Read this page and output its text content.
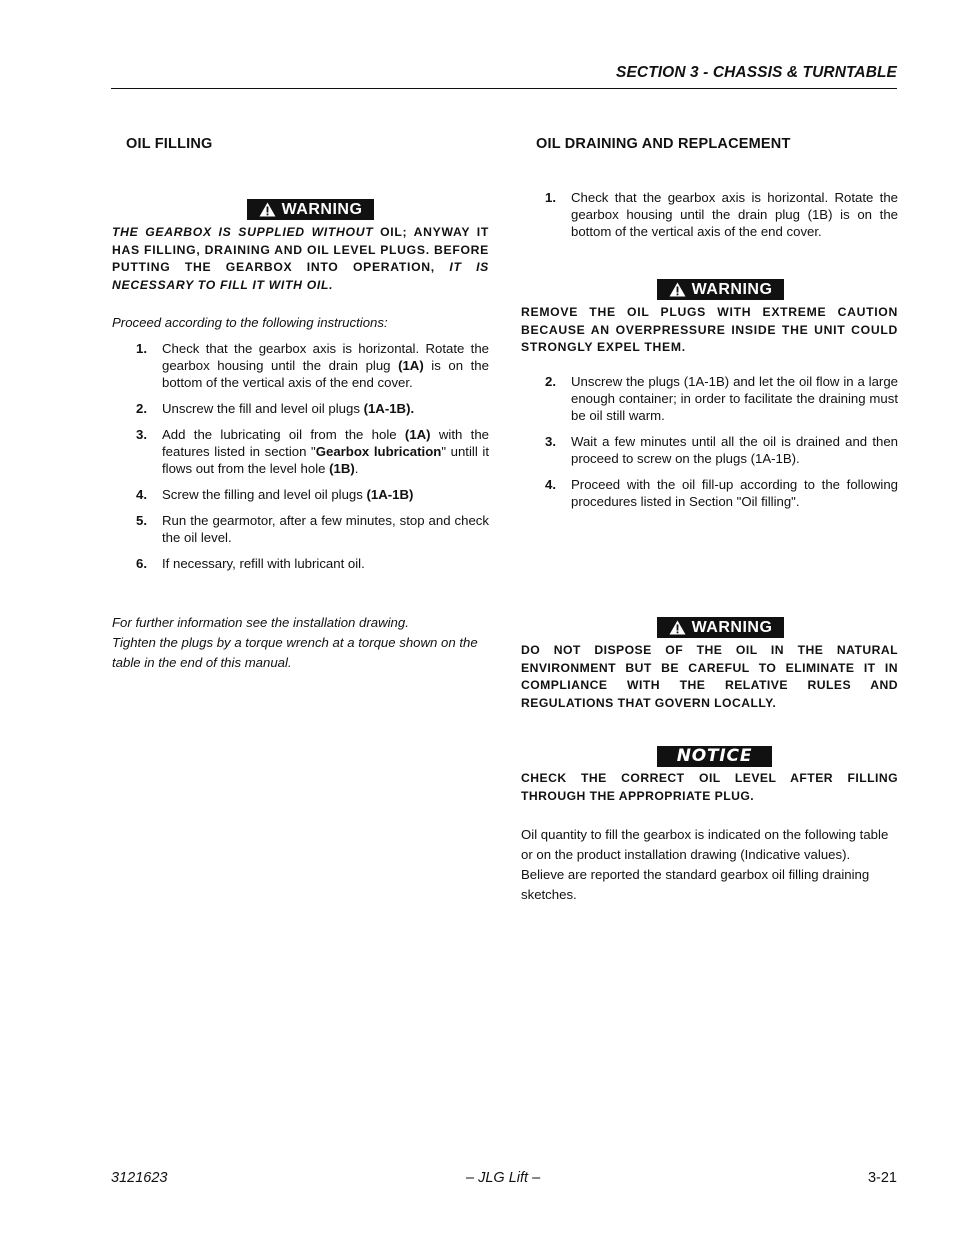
SECTION 3 - CHASSIS & TURNTABLE
OIL FILLING
WARNING
THE GEARBOX IS SUPPLIED WITHOUT OIL; ANYWAY IT HAS FILLING, DRAINING AND OIL LEVEL PLUGS. BEFORE PUTTING THE GEARBOX INTO OPERATION, IT IS NECESSARY TO FILL IT WITH OIL.
Proceed according to the following instructions:
1.	Check that the gearbox axis is horizontal. Rotate the gearbox housing until the drain plug (1A) is on the bottom of the vertical axis of the end cover.
2.	Unscrew the fill and level oil plugs (1A-1B).
3.	Add the lubricating oil from the hole (1A) with the features listed in section "Gearbox lubrication" untill it flows out from the level hole (1B).
4.	Screw the filling and level oil plugs (1A-1B)
5.	Run the gearmotor, after a few minutes, stop and check the oil level.
6.	If necessary, refill with lubricant oil.
For further information see the installation drawing.
Tighten the plugs by a torque wrench at a torque shown on the table in the end of this manual.
OIL DRAINING AND REPLACEMENT
1.	Check that the gearbox axis is horizontal. Rotate the gearbox housing until the drain plug (1B) is on the bottom of the vertical axis of the end cover.
WARNING
REMOVE THE OIL PLUGS WITH EXTREME CAUTION BECAUSE AN OVERPRESSURE INSIDE THE UNIT COULD STRONGLY EXPEL THEM.
2.	Unscrew the plugs (1A-1B) and let the oil flow in a large enough container; in order to facilitate the draining must be oil still warm.
3.	Wait a few minutes until all the oil is drained and then proceed to screw on the plugs (1A-1B).
4.	Proceed with the oil fill-up according to the following procedures listed in Section "Oil filling".
WARNING
DO NOT DISPOSE OF THE OIL IN THE NATURAL ENVIRONMENT BUT BE CAREFUL TO ELIMINATE IT IN COMPLIANCE WITH THE RELATIVE RULES AND REGULATIONS THAT GOVERN LOCALLY.
NOTICE
CHECK THE CORRECT OIL LEVEL AFTER FILLING THROUGH THE APPROPRIATE PLUG.
Oil quantity to fill the gearbox is indicated on the following table or on the product installation drawing (Indicative values).
Believe are reported the standard gearbox oil filling draining sketches.
3121623	– JLG Lift –	3-21
